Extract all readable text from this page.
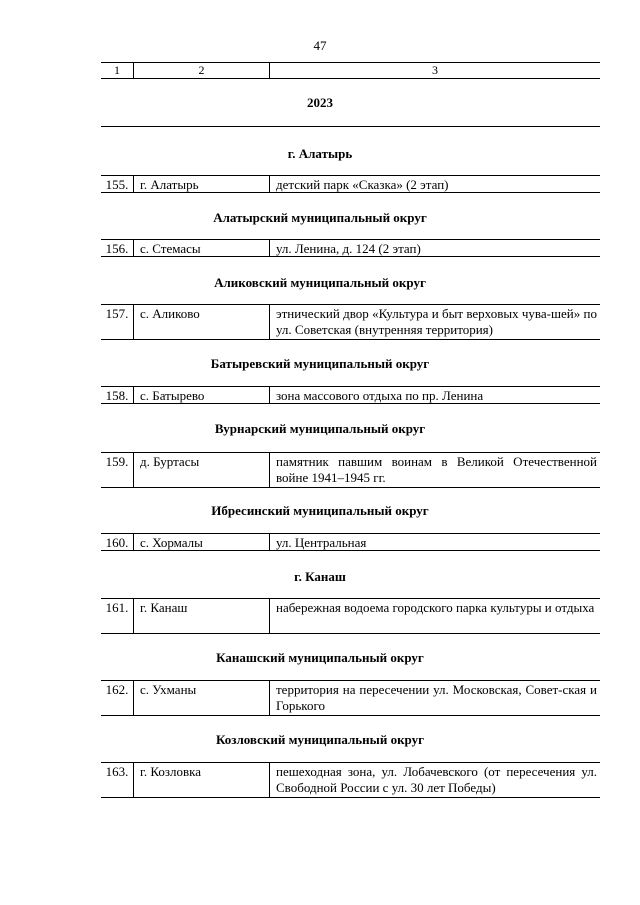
47
1	2	3
2023
г. Алатырь
155. г. Алатырь	детский парк «Сказка» (2 этап)
Алатырский муниципальный округ
156. с. Стемасы	ул. Ленина, д. 124 (2 этап)
Аликовский муниципальный округ
157. с. Аликово	этнический двор «Культура и быт верховых чува-шей» по ул. Советская (внутренняя территория)
Батыревский муниципальный округ
158. с. Батырево	зона массового отдыха по пр. Ленина
Вурнарский муниципальный округ
159. д. Буртасы	памятник павшим воинам в Великой Отечественной войне 1941–1945 гг.
Ибресинский муниципальный округ
160. с. Хормалы	ул. Центральная
г. Канаш
161. г. Канаш	набережная водоема городского парка культуры и отдыха
Канашский муниципальный округ
162. с. Ухманы	территория на пересечении ул. Московская, Совет-ская и Горького
Козловский муниципальный округ
163. г. Козловка	пешеходная зона, ул. Лобачевского (от пересечения ул. Свободной России с ул. 30 лет Победы)
